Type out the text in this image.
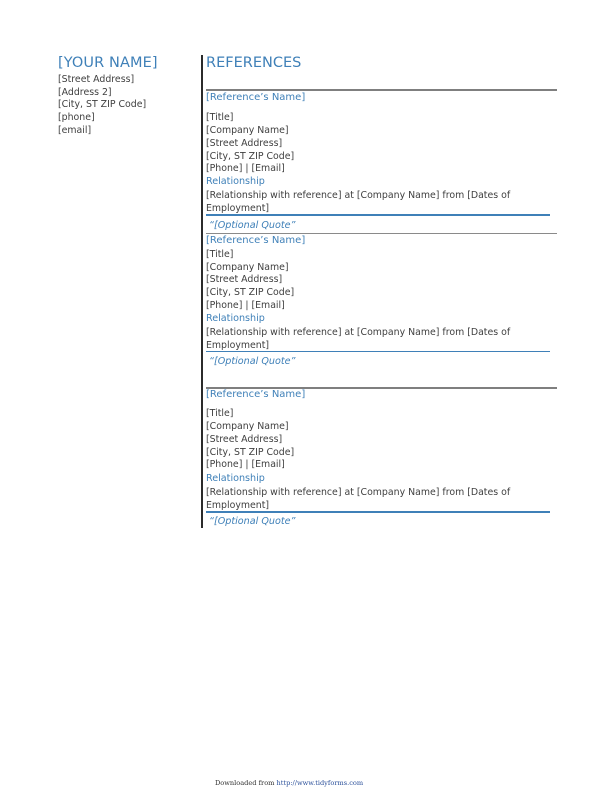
[YOUR NAME]
[Street Address]
[Address 2]
[City, ST ZIP Code]
[phone]
[email]
REFERENCES
[Reference’s Name]
[Title]
[Company Name]
[Street Address]
[City, ST ZIP Code]
[Phone] | [Email]
Relationship
[Relationship with reference] at [Company Name] from [Dates of Employment]
“[Optional Quote”
[Reference’s Name]
[Title]
[Company Name]
[Street Address]
[City, ST ZIP Code]
[Phone] | [Email]
Relationship
[Relationship with reference] at [Company Name] from [Dates of Employment]
“[Optional Quote”
[Reference’s Name]
[Title]
[Company Name]
[Street Address]
[City, ST ZIP Code]
[Phone] | [Email]
Relationship
[Relationship with reference] at [Company Name] from [Dates of Employment]
“[Optional Quote”
Downloaded from http://www.tidyforms.com
